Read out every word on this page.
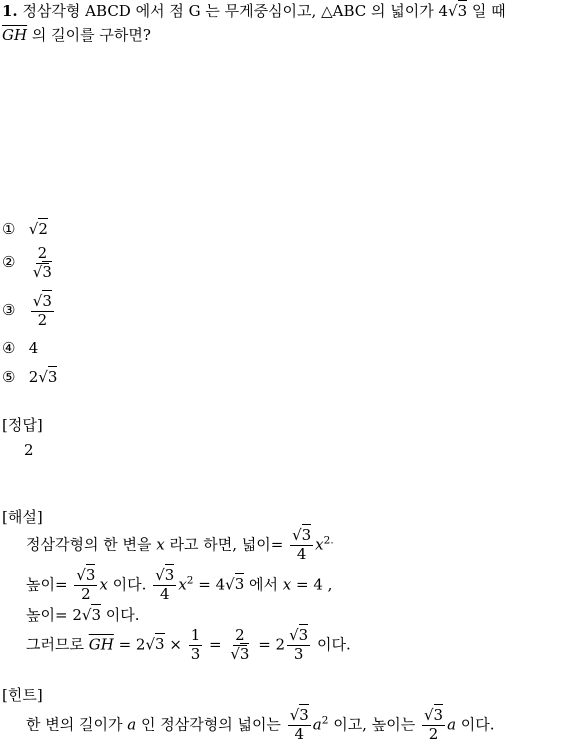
1. 정삼각형 ABCD 에서 점 G 는 무게중심이고, △ABC 의 넓이가 4√3 일 때
$\overline{GH}$ 의 길이를 구하면?
① √2
② $\frac{2}{√3}$
③ $\frac{√3}{2}$
④ 4
⑤ 2√3
[정답]
2
[해설]
정삼각형의 한 변을 x 라고 하면, 넓이= $\frac{√3}{4} x^{2.}$
높이= $\frac{√3}{2}$ x 이다. $\frac{√3}{4} x^2 = 4√3$ 에서 x = 4 ,
높이= 2√3 이다.
그러므로 $\overline{GH} = 2√3 \times \frac{1}{3} = \frac{2}{√3} = 2 \frac{√3}{3}$ 이다.
[힌트]
한 변의 길이가 a 인 정삼각형의 넓이는 $\frac{√3}{4} a^2$ 이고, 높이는 $\frac{√3}{2}$ a 이다.
